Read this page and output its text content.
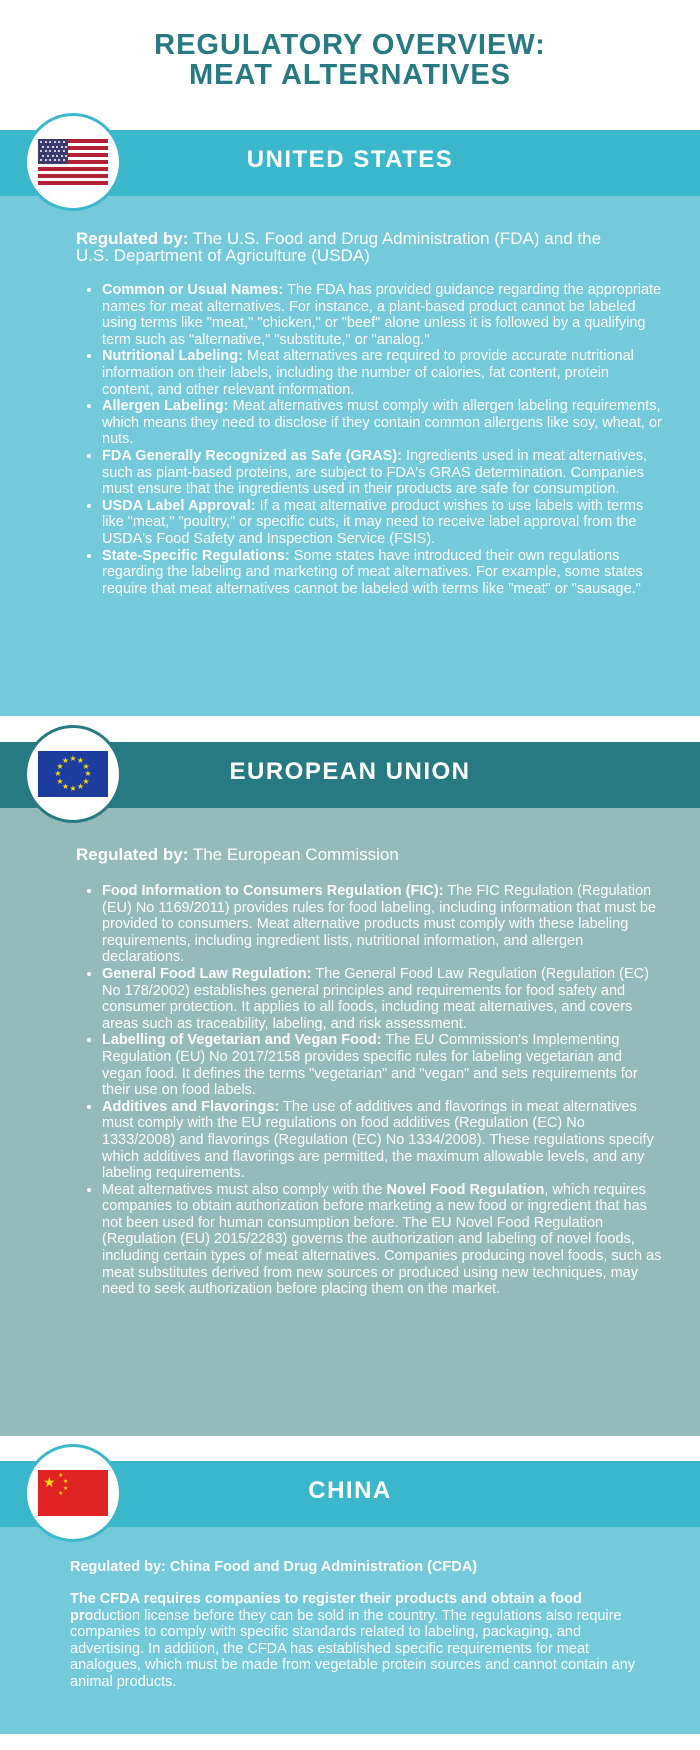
REGULATORY OVERVIEW:
MEAT ALTERNATIVES
UNITED STATES
Regulated by: The U.S. Food and Drug Administration (FDA) and the U.S. Department of Agriculture (USDA)
• Common or Usual Names: The FDA has provided guidance regarding the appropriate names for meat alternatives. For instance, a plant-based product cannot be labeled using terms like "meat," "chicken," or "beef" alone unless it is followed by a qualifying term such as "alternative," "substitute," or "analog."
• Nutritional Labeling: Meat alternatives are required to provide accurate nutritional information on their labels, including the number of calories, fat content, protein content, and other relevant information.
• Allergen Labeling: Meat alternatives must comply with allergen labeling requirements, which means they need to disclose if they contain common allergens like soy, wheat, or nuts.
• FDA Generally Recognized as Safe (GRAS): Ingredients used in meat alternatives, such as plant-based proteins, are subject to FDA's GRAS determination. Companies must ensure that the ingredients used in their products are safe for consumption.
• USDA Label Approval: If a meat alternative product wishes to use labels with terms like "meat," "poultry," or specific cuts, it may need to receive label approval from the USDA's Food Safety and Inspection Service (FSIS).
• State-Specific Regulations: Some states have introduced their own regulations regarding the labeling and marketing of meat alternatives. For example, some states require that meat alternatives cannot be labeled with terms like "meat" or "sausage."
EUROPEAN UNION
Regulated by: The European Commission
• Food Information to Consumers Regulation (FIC): The FIC Regulation (Regulation (EU) No 1169/2011) provides rules for food labeling, including information that must be provided to consumers. Meat alternative products must comply with these labeling requirements, including ingredient lists, nutritional information, and allergen declarations.
• General Food Law Regulation: The General Food Law Regulation (Regulation (EC) No 178/2002) establishes general principles and requirements for food safety and consumer protection. It applies to all foods, including meat alternatives, and covers areas such as traceability, labeling, and risk assessment.
• Labelling of Vegetarian and Vegan Food: The EU Commission's Implementing Regulation (EU) No 2017/2158 provides specific rules for labeling vegetarian and vegan food. It defines the terms "vegetarian" and "vegan" and sets requirements for their use on food labels.
• Additives and Flavorings: The use of additives and flavorings in meat alternatives must comply with the EU regulations on food additives (Regulation (EC) No 1333/2008) and flavorings (Regulation (EC) No 1334/2008). These regulations specify which additives and flavorings are permitted, the maximum allowable levels, and any labeling requirements.
• Meat alternatives must also comply with the Novel Food Regulation, which requires companies to obtain authorization before marketing a new food or ingredient that has not been used for human consumption before. The EU Novel Food Regulation (Regulation (EU) 2015/2283) governs the authorization and labeling of novel foods, including certain types of meat alternatives. Companies producing novel foods, such as meat substitutes derived from new sources or produced using new techniques, may need to seek authorization before placing them on the market.
★ ★
★
★
★
★
★
★
★
★
★
★
CHINA
Regulated by: China Food and Drug Administration (CFDA)
The CFDA requires companies to register their products and obtain a food production license before they can be sold in the country. The regulations also require companies to comply with specific standards related to labeling, packaging, and advertising. In addition, the CFDA has established specific requirements for meat analogues, which must be made from vegetable protein sources and cannot contain any animal products.
★ ★
★
★
★
